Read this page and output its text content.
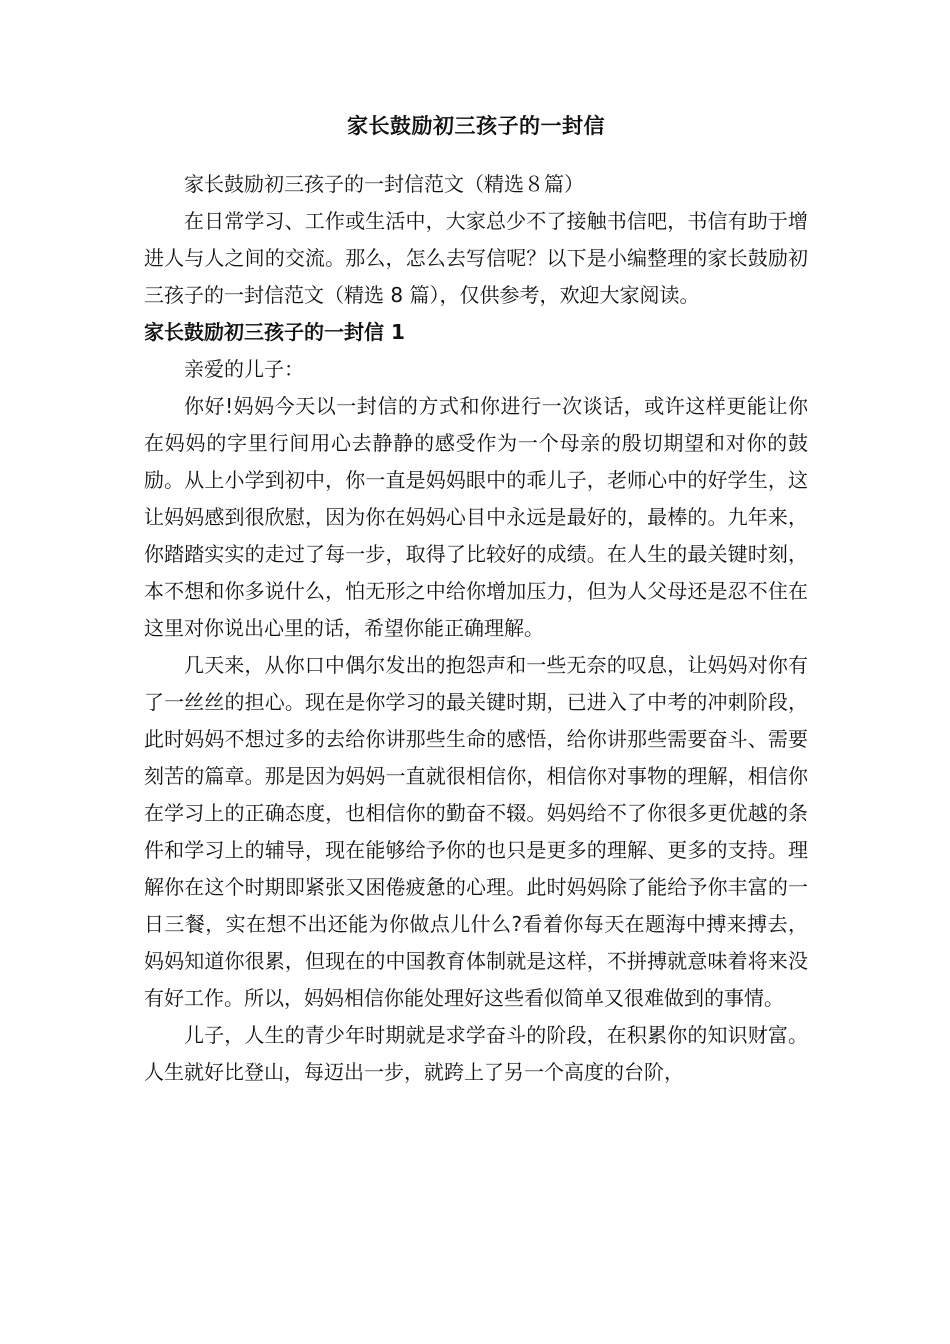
家长鼓励初三孩子的一封信

家长鼓励初三孩子的一封信范文（精选８篇）

在日常学习、工作或生活中，大家总少不了接触书信吧，书信有助于增进人与人之间的交流。那么，怎么去写信呢？以下是小编整理的家长鼓励初三孩子的一封信范文（精选 8 篇），仅供参考，欢迎大家阅读。

家长鼓励初三孩子的一封信 1

亲爱的儿子：

你好!妈妈今天以一封信的方式和你进行一次谈话，或许这样更能让你在妈妈的字里行间用心去静静的感受作为一个母亲的殷切期望和对你的鼓励。从上小学到初中，你一直是妈妈眼中的乖儿子，老师心中的好学生，这让妈妈感到很欣慰，因为你在妈妈心目中永远是最好的，最棒的。九年来，你踏踏实实的走过了每一步，取得了比较好的成绩。在人生的最关键时刻，本不想和你多说什么，怕无形之中给你增加压力，但为人父母还是忍不住在这里对你说出心里的话，希望你能正确理解。

几天来，从你口中偶尔发出的抱怨声和一些无奈的叹息，让妈妈对你有了一丝丝的担心。现在是你学习的最关键时期，已进入了中考的冲刺阶段，此时妈妈不想过多的去给你讲那些生命的感悟，给你讲那些需要奋斗、需要刻苦的篇章。那是因为妈妈一直就很相信你，相信你对事物的理解，相信你在学习上的正确态度，也相信你的勤奋不辍。妈妈给不了你很多更优越的条件和学习上的辅导，现在能够给予你的也只是更多的理解、更多的支持。理解你在这个时期即紧张又困倦疲惫的心理。此时妈妈除了能给予你丰富的一日三餐，实在想不出还能为你做点儿什么?看着你每天在题海中搏来搏去，妈妈知道你很累，但现在的中国教育体制就是这样，不拼搏就意味着将来没有好工作。所以，妈妈相信你能处理好这些看似简单又很难做到的事情。

儿子，人生的青少年时期就是求学奋斗的阶段，在积累你的知识财富。人生就好比登山，每迈出一步，就跨上了另一个高度的台阶，
